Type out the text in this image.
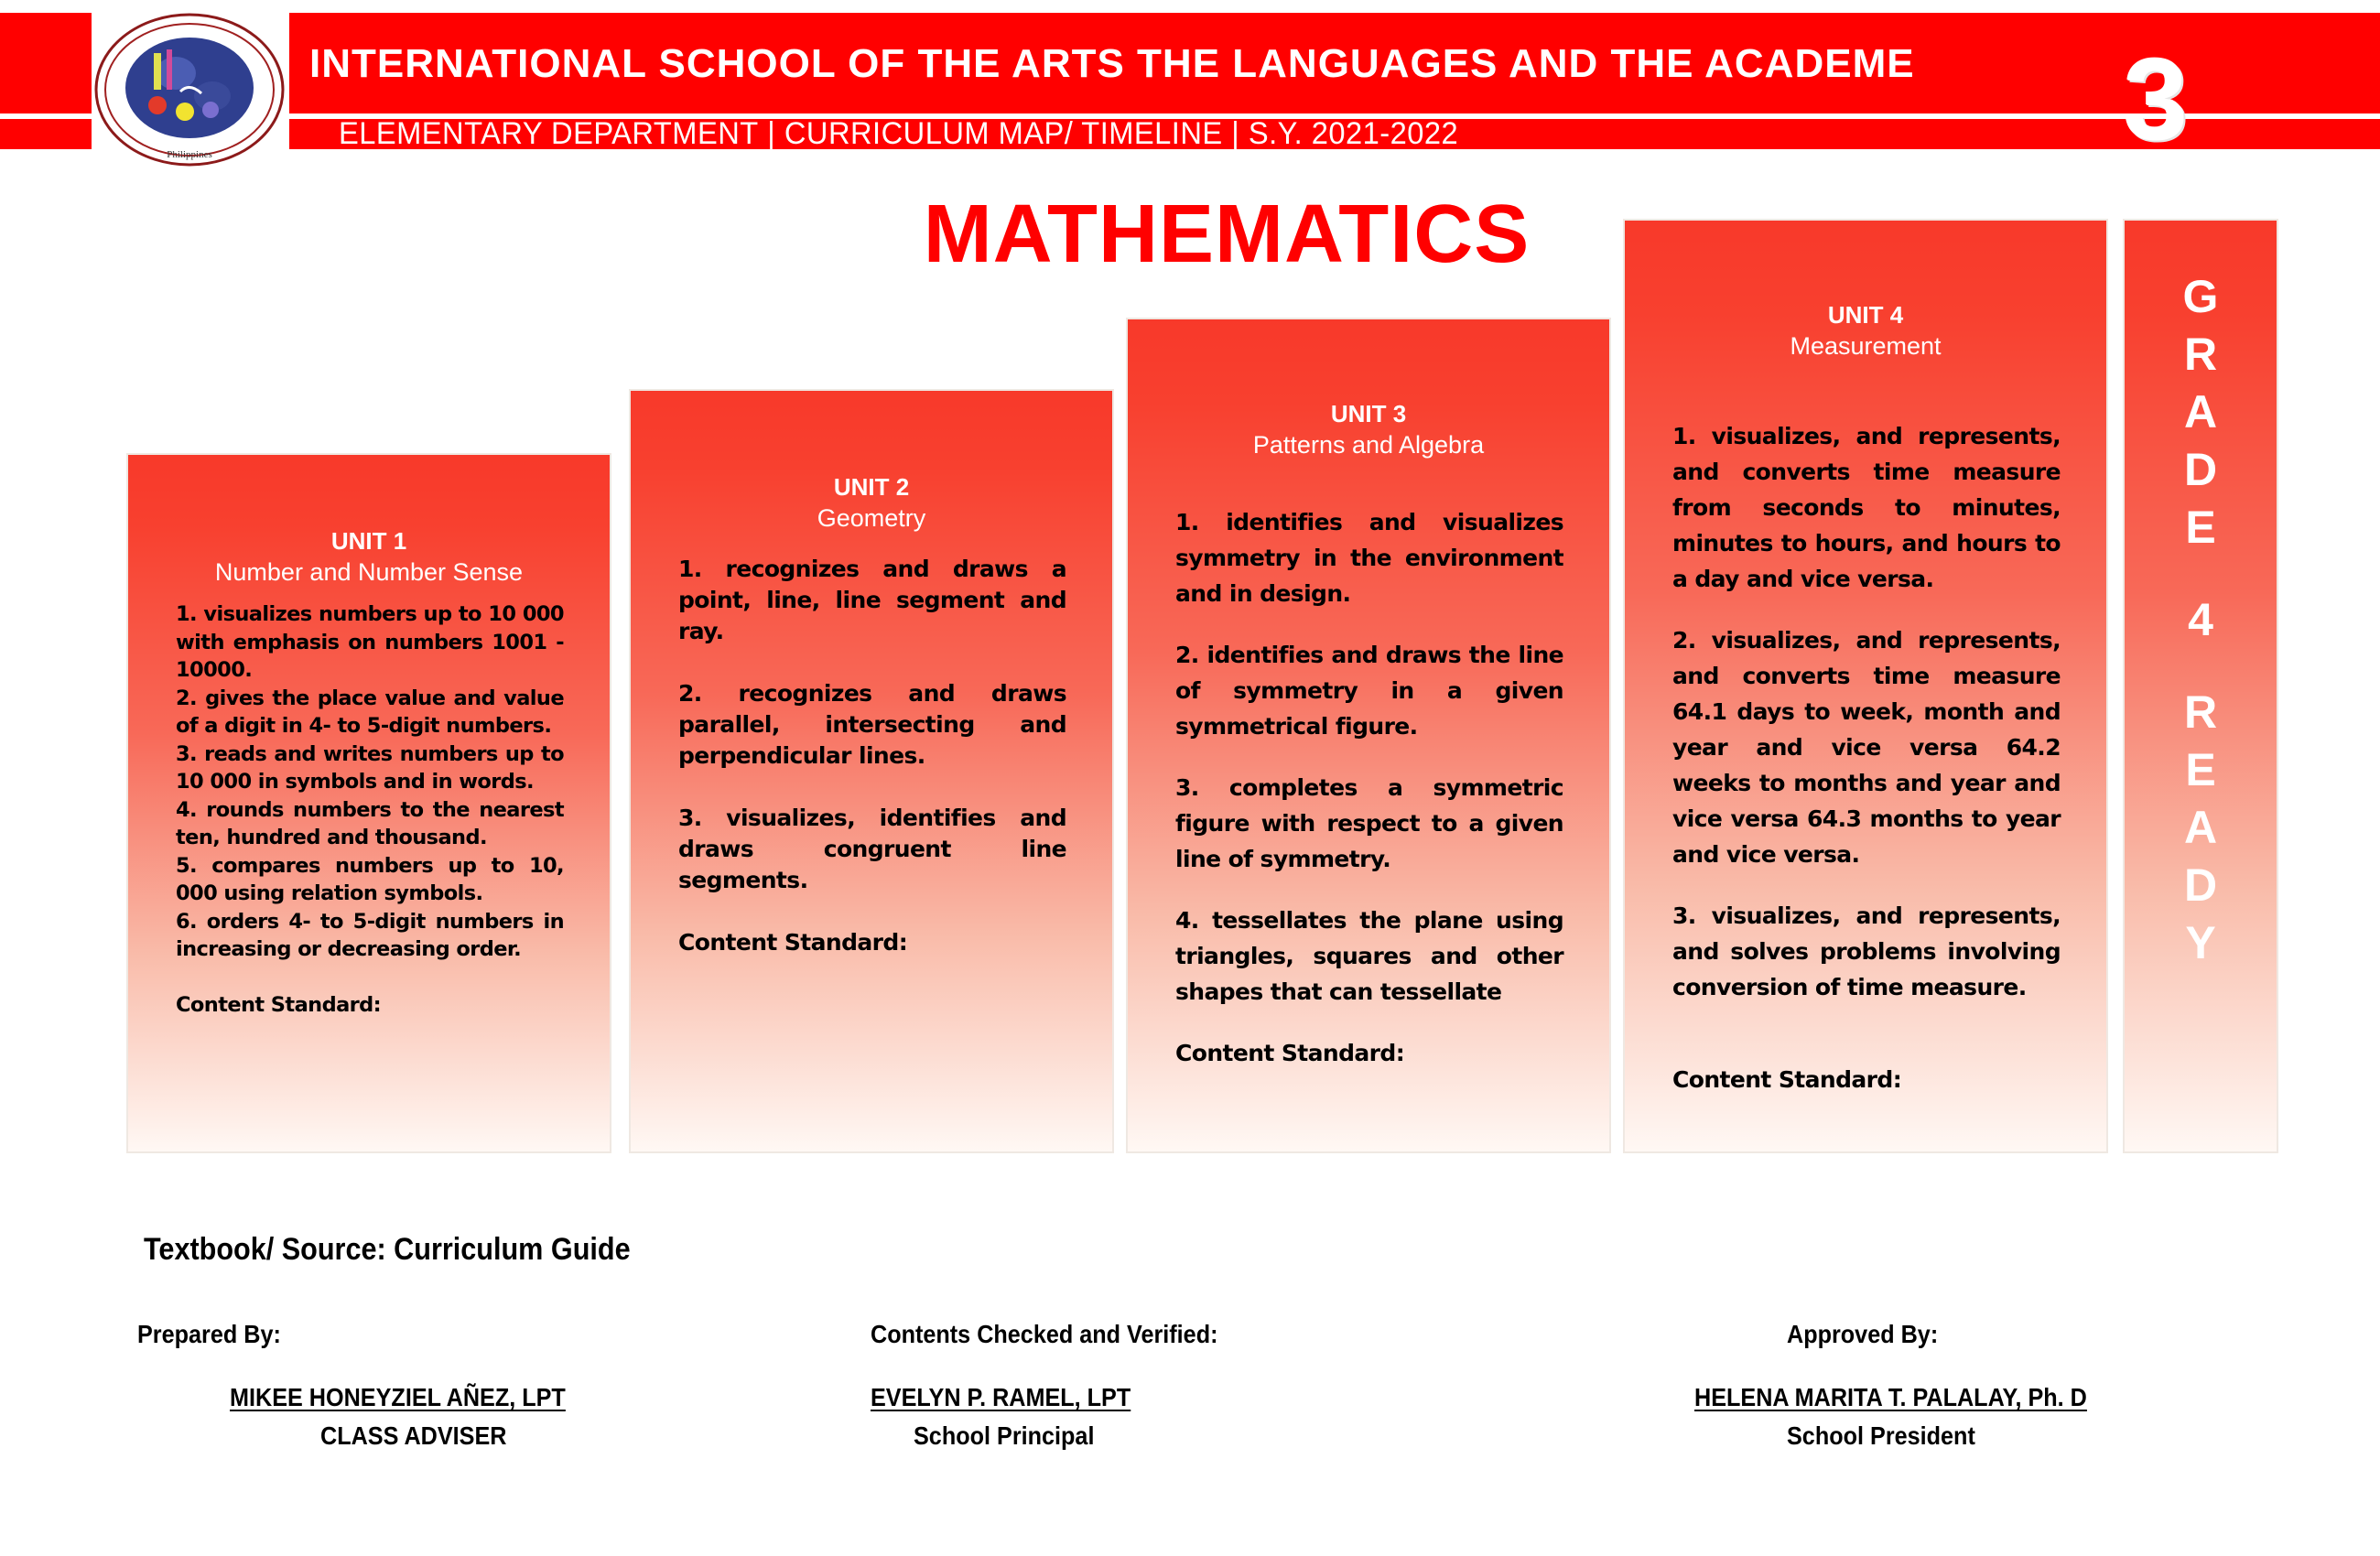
Philippines
INTERNATIONAL SCHOOL OF THE ARTS THE LANGUAGES AND THE ACADEME
ELEMENTARY DEPARTMENT | CURRICULUM MAP/ TIMELINE | S.Y. 2021-2022	3
MATHEMATICS
UNIT 1
Number and Number Sense
1. visualizes numbers up to 10 000 with emphasis on numbers 1001 - 10000.
2. gives the place value and value of a digit in 4- to 5-digit numbers.
3. reads and writes numbers up to 10 000 in symbols and in words.
4. rounds numbers to the nearest ten, hundred and thousand.
5. compares numbers up to 10, 000 using relation symbols.
6. orders 4- to 5-digit numbers in increasing or decreasing order.
Content Standard:
UNIT 2
Geometry
1. recognizes and draws a point, line, line segment and ray.
2. recognizes and draws parallel, intersecting and perpendicular lines.
3. visualizes, identifies and draws congruent line segments.
Content Standard:
UNIT 3
Patterns and Algebra
1. identifies and visualizes symmetry in the environment and in design.
2. identifies and draws the line of symmetry in a given symmetrical figure.
3. completes a symmetric figure with respect to a given line of symmetry.
4. tessellates the plane using triangles, squares and other shapes that can tessellate
Content Standard:
UNIT 4
Measurement
1. visualizes, and represents, and converts time measure from seconds to minutes, minutes to hours, and hours to a day and vice versa.
2. visualizes, and represents, and converts time measure 64.1 days to week, month and year and vice versa 64.2 weeks to months and year and vice versa 64.3 months to year and vice versa.
3. visualizes, and represents, and solves problems involving conversion of time measure.
Content Standard:
G
R
A
D
E
4
R
E
A
D
Y
Textbook/ Source: Curriculum Guide
Prepared By:
MIKEE HONEYZIEL AÑEZ, LPT
CLASS ADVISER
Contents Checked and Verified:
EVELYN P. RAMEL, LPT
School Principal
Approved By:
HELENA MARITA T. PALALAY, Ph. D
School President
